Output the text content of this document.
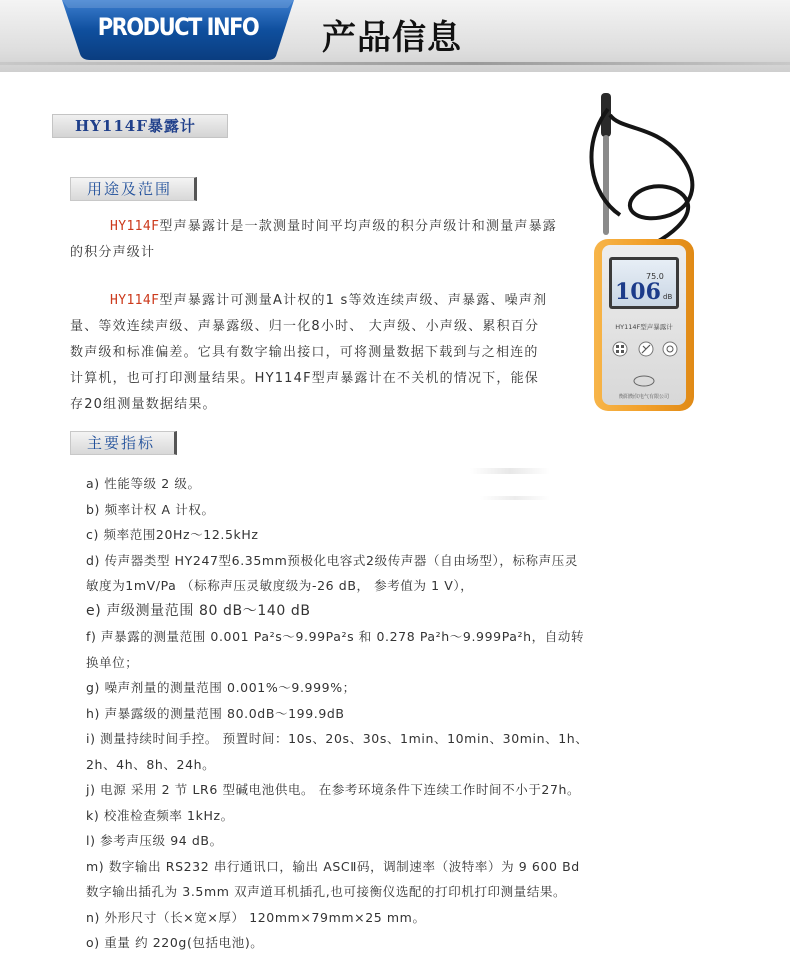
PRODUCT INFO	产品信息
HY114F暴露计
用途及范围
HY114F型声暴露计是一款测量时间平均声级的积分声级计和测量声暴露的积分声级计
HY114F型声暴露计可测量A计权的1 s等效连续声级、声暴露、噪声剂量、等效连续声级、声暴露级、归一化8小时、 大声级、小声级、累积百分数声级和标准偏差。它具有数字输出接口，可将测量数据下载到与之相连的计算机，也可打印测量结果。HY114F型声暴露计在不关机的情况下，能保存20组测量数据结果。
主要指标
a) 性能等级 2 级。
b) 频率计权 A 计权。
c) 频率范围20Hz～12.5kHz
d) 传声器类型 HY247型6.35mm预极化电容式2级传声器（自由场型），标称声压灵
敏度为1mV/Pa （标称声压灵敏度级为-26 dB， 参考值为 1 V），
e) 声级测量范围 80 dB～140 dB
f) 声暴露的测量范围 0.001 Pa²s～9.99Pa²s 和 0.278 Pa²h～9.999Pa²h，自动转
换单位；
g) 噪声剂量的测量范围 0.001%～9.999%；
h) 声暴露级的测量范围 80.0dB～199.9dB
i) 测量持续时间手控。 预置时间：10s、20s、30s、1min、10min、30min、1h、
2h、4h、8h、24h。
j) 电源 采用 2 节 LR6 型碱电池供电。 在参考环境条件下连续工作时间不小于27h。
k) 校准检查频率 1kHz。
l) 参考声压级 94 dB。
m) 数字输出 RS232 串行通讯口，输出 ASCⅡ码，调制速率（波特率）为 9 600 Bd
数字输出插孔为 3.5mm 双声道耳机插孔,也可接衡仪选配的打印机打印测量结果。
n) 外形尺寸（长×宽×厚） 120mm×79mm×25 mm。
o) 重量 约 220g(包括电池)。
75.0
106 dB
HY114F型声暴露计
衡阳衡仪电气有限公司
